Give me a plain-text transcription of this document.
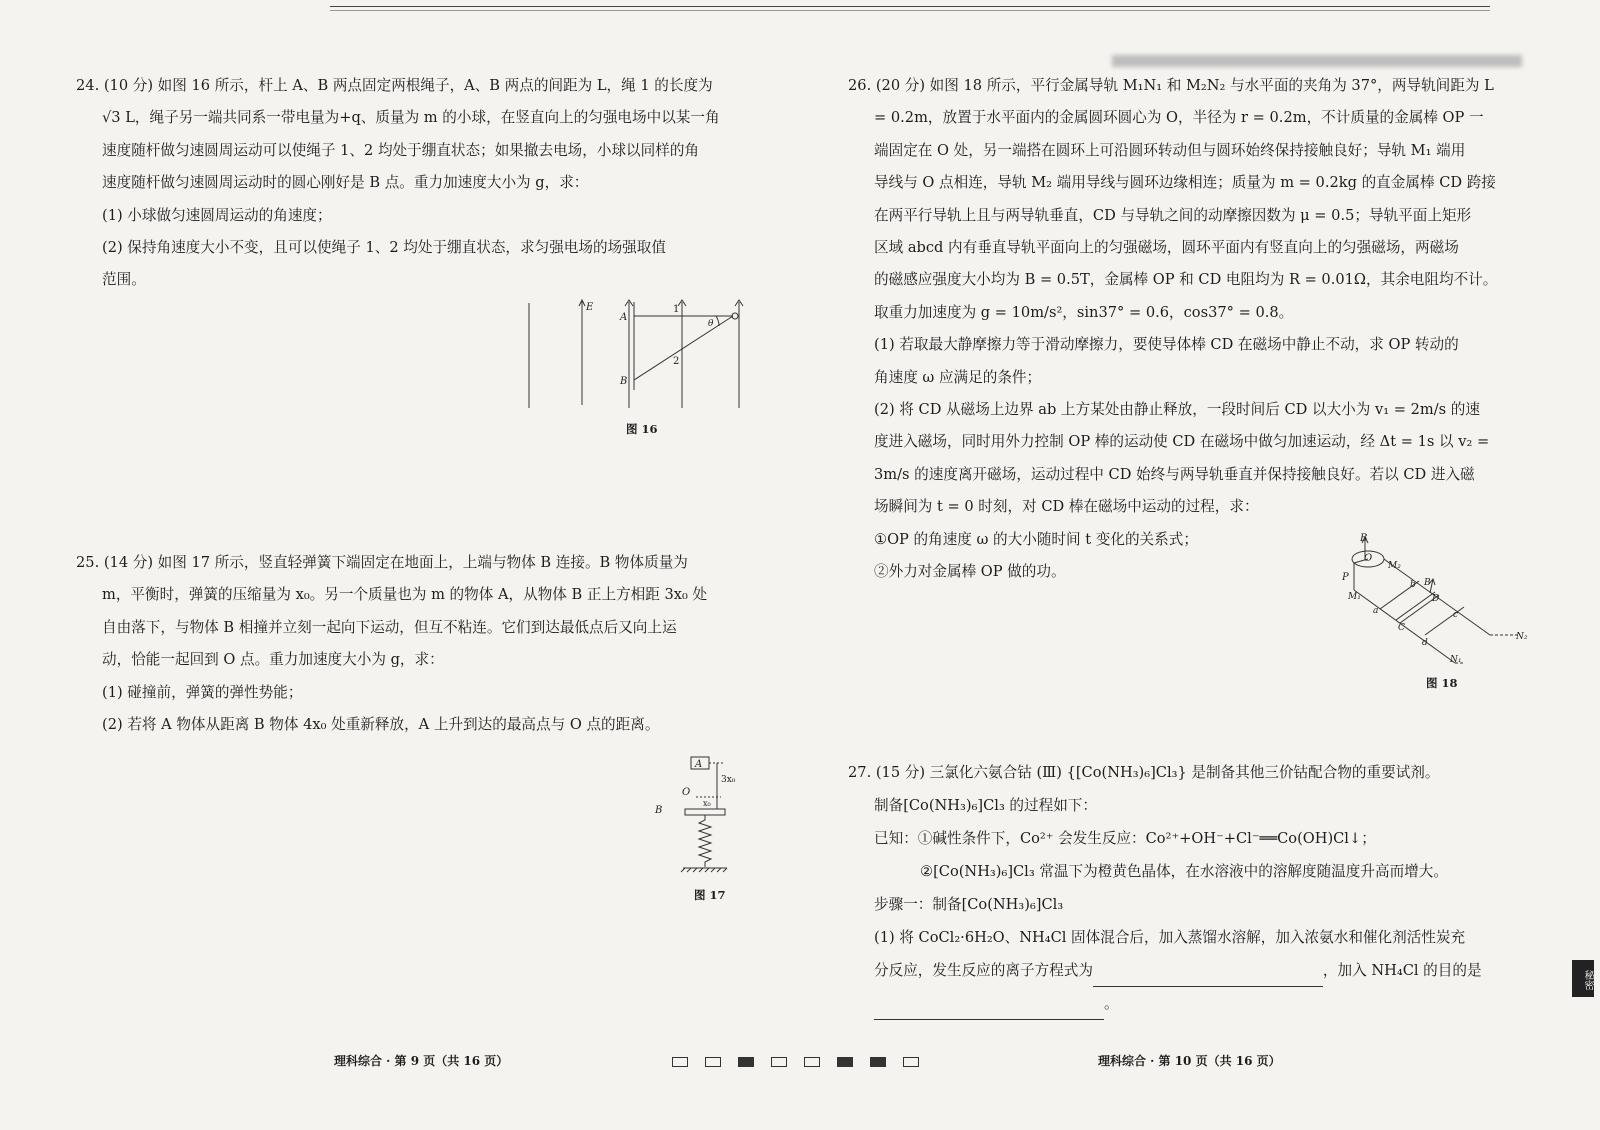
24. (10 分) 如图 16 所示，杆上 A、B 两点固定两根绳子，A、B 两点的间距为 L，绳 1 的长度为

√3 L，绳子另一端共同系一带电量为+q、质量为 m 的小球，在竖直向上的匀强电场中以某一角

速度随杆做匀速圆周运动可以使绳子 1、2 均处于绷直状态；如果撤去电场，小球以同样的角

速度随杆做匀速圆周运动时的圆心刚好是 B 点。重力加速度大小为 g，求：

(1) 小球做匀速圆周运动的角速度；

(2) 保持角速度大小不变，且可以使绳子 1、2 均处于绷直状态，求匀强电场的场强取值

范围。

E
A
B
1
2
θ
图 16

25. (14 分) 如图 17 所示，竖直轻弹簧下端固定在地面上，上端与物体 B 连接。B 物体质量为

m，平衡时，弹簧的压缩量为 x₀。另一个质量也为 m 的物体 A，从物体 B 正上方相距 3x₀ 处

自由落下，与物体 B 相撞并立刻一起向下运动，但互不粘连。它们到达最低点后又向上运

动，恰能一起回到 O 点。重力加速度大小为 g，求：

(1) 碰撞前，弹簧的弹性势能；

(2) 若将 A 物体从距离 B 物体 4x₀ 处重新释放，A 上升到达的最高点与 O 点的距离。

A
O
B
3x₀
x₀
图 17

26. (20 分) 如图 18 所示，平行金属导轨 M₁N₁ 和 M₂N₂ 与水平面的夹角为 37°，两导轨间距为 L

= 0.2m，放置于水平面内的金属圆环圆心为 O，半径为 r = 0.2m，不计质量的金属棒 OP 一

端固定在 O 处，另一端搭在圆环上可沿圆环转动但与圆环始终保持接触良好；导轨 M₁ 端用

导线与 O 点相连，导轨 M₂ 端用导线与圆环边缘相连；质量为 m = 0.2kg 的直金属棒 CD 跨接

在两平行导轨上且与两导轨垂直，CD 与导轨之间的动摩擦因数为 μ = 0.5；导轨平面上矩形

区域 abcd 内有垂直导轨平面向上的匀强磁场，圆环平面内有竖直向上的匀强磁场，两磁场

的磁感应强度大小均为 B = 0.5T，金属棒 OP 和 CD 电阻均为 R = 0.01Ω，其余电阻均不计。

取重力加速度为 g = 10m/s²，sin37° = 0.6，cos37° = 0.8。

(1) 若取最大静摩擦力等于滑动摩擦力，要使导体棒 CD 在磁场中静止不动，求 OP 转动的

角速度 ω 应满足的条件；

(2) 将 CD 从磁场上边界 ab 上方某处由静止释放，一段时间后 CD 以大小为 v₁ = 2m/s 的速

度进入磁场，同时用外力控制 OP 棒的运动使 CD 在磁场中做匀加速运动，经 Δt = 1s 以 v₂ =

3m/s 的速度离开磁场，运动过程中 CD 始终与两导轨垂直并保持接触良好。若以 CD 进入磁

场瞬间为 t = 0 时刻，对 CD 棒在磁场中运动的过程，求：

①OP 的角速度 ω 的大小随时间 t 变化的关系式；

②外力对金属棒 OP 做的功。

B
O
P
M₁
M₂
b B
D
a	c
C
d
N₁
N₂
图 18

27. (15 分) 三氯化六氨合钴 (Ⅲ) {[Co(NH₃)₆]Cl₃} 是制备其他三价钴配合物的重要试剂。

制备[Co(NH₃)₆]Cl₃ 的过程如下：

已知：①碱性条件下，Co²⁺ 会发生反应：Co²⁺+OH⁻+Cl⁻══Co(OH)Cl↓；

②[Co(NH₃)₆]Cl₃ 常温下为橙黄色晶体，在水溶液中的溶解度随温度升高而增大。

步骤一：制备[Co(NH₃)₆]Cl₃

(1) 将 CoCl₂·6H₂O、NH₄Cl 固体混合后，加入蒸馏水溶解，加入浓氨水和催化剂活性炭充

分反应，发生反应的离子方程式为	，加入 NH₄Cl 的目的是

。

理科综合 · 第 9 页（共 16 页）	理科综合 · 第 10 页（共 16 页）
秘密
